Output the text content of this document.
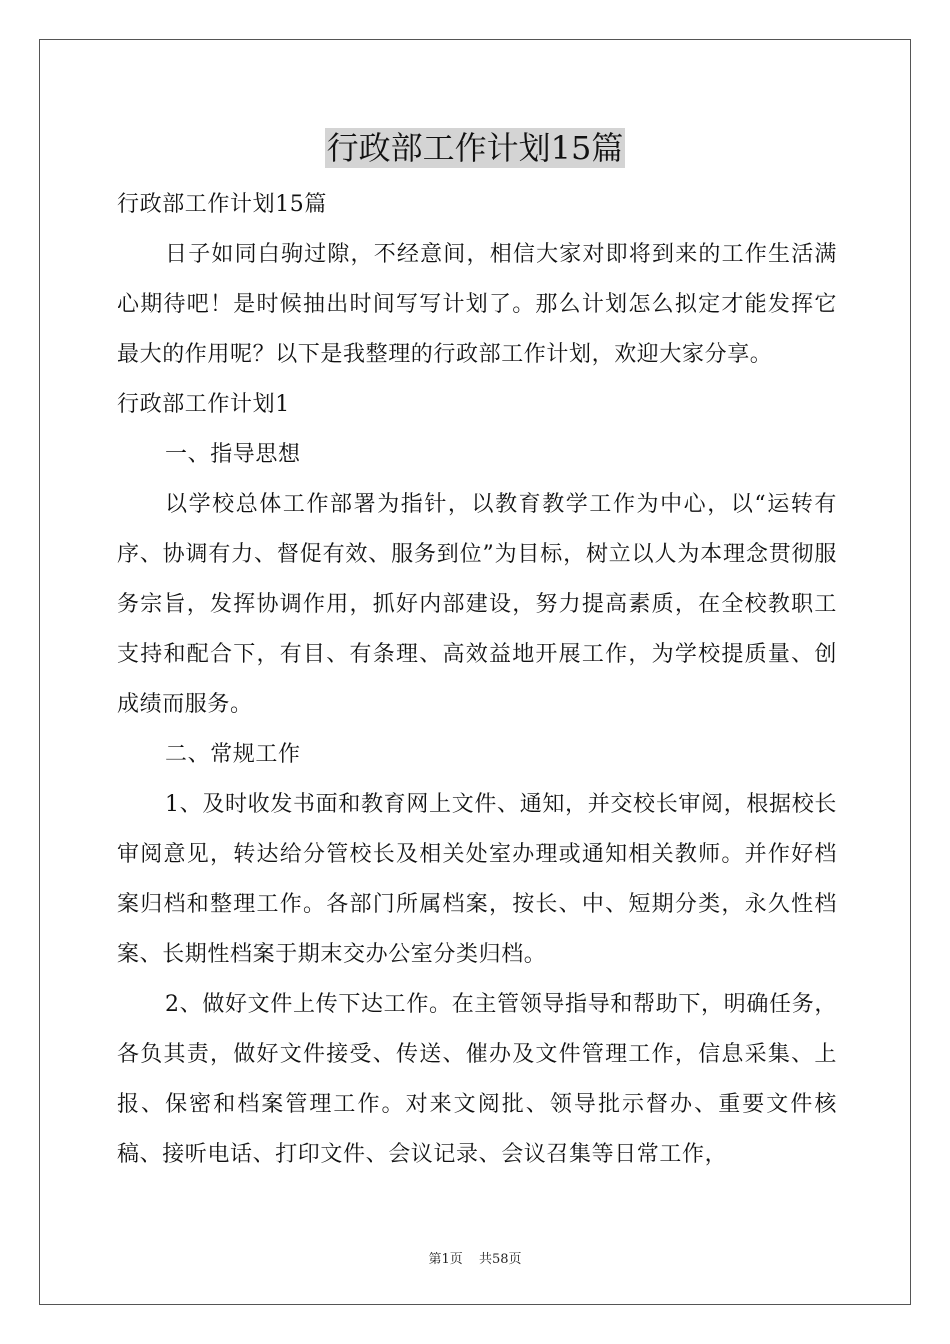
行政部工作计划15篇
行政部工作计划15篇

日子如同白驹过隙，不经意间，相信大家对即将到来的工作生活满心期待吧！是时候抽出时间写写计划了。那么计划怎么拟定才能发挥它最大的作用呢？以下是我整理的行政部工作计划，欢迎大家分享。

行政部工作计划1

一、指导思想

以学校总体工作部署为指针，以教育教学工作为中心，以“运转有序、协调有力、督促有效、服务到位”为目标，树立以人为本理念贯彻服务宗旨，发挥协调作用，抓好内部建设，努力提高素质，在全校教职工支持和配合下，有目、有条理、高效益地开展工作，为学校提质量、创成绩而服务。

二、常规工作

1、及时收发书面和教育网上文件、通知，并交校长审阅，根据校长审阅意见，转达给分管校长及相关处室办理或通知相关教师。并作好档案归档和整理工作。各部门所属档案，按长、中、短期分类，永久性档案、长期性档案于期末交办公室分类归档。

2、做好文件上传下达工作。在主管领导指导和帮助下，明确任务，各负其责，做好文件接受、传送、催办及文件管理工作，信息采集、上报、保密和档案管理工作。对来文阅批、领导批示督办、重要文件核稿、接听电话、打印文件、会议记录、会议召集等日常工作，

第1页 共58页
